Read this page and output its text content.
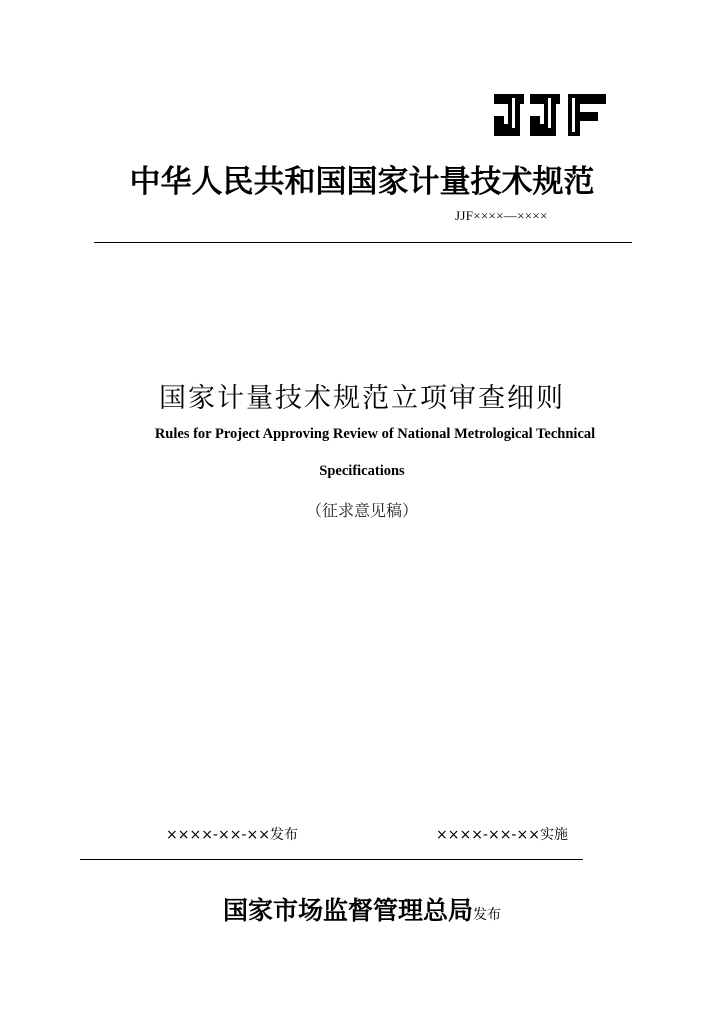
中华人民共和国国家计量技术规范
JJF××××—××××
国家计量技术规范立项审查细则
Rules for Project Approving Review of National Metrological Technical
Specifications
（征求意见稿）
××××-××-××发布	××××-××-××实施
国家市场监督管理总局发布
